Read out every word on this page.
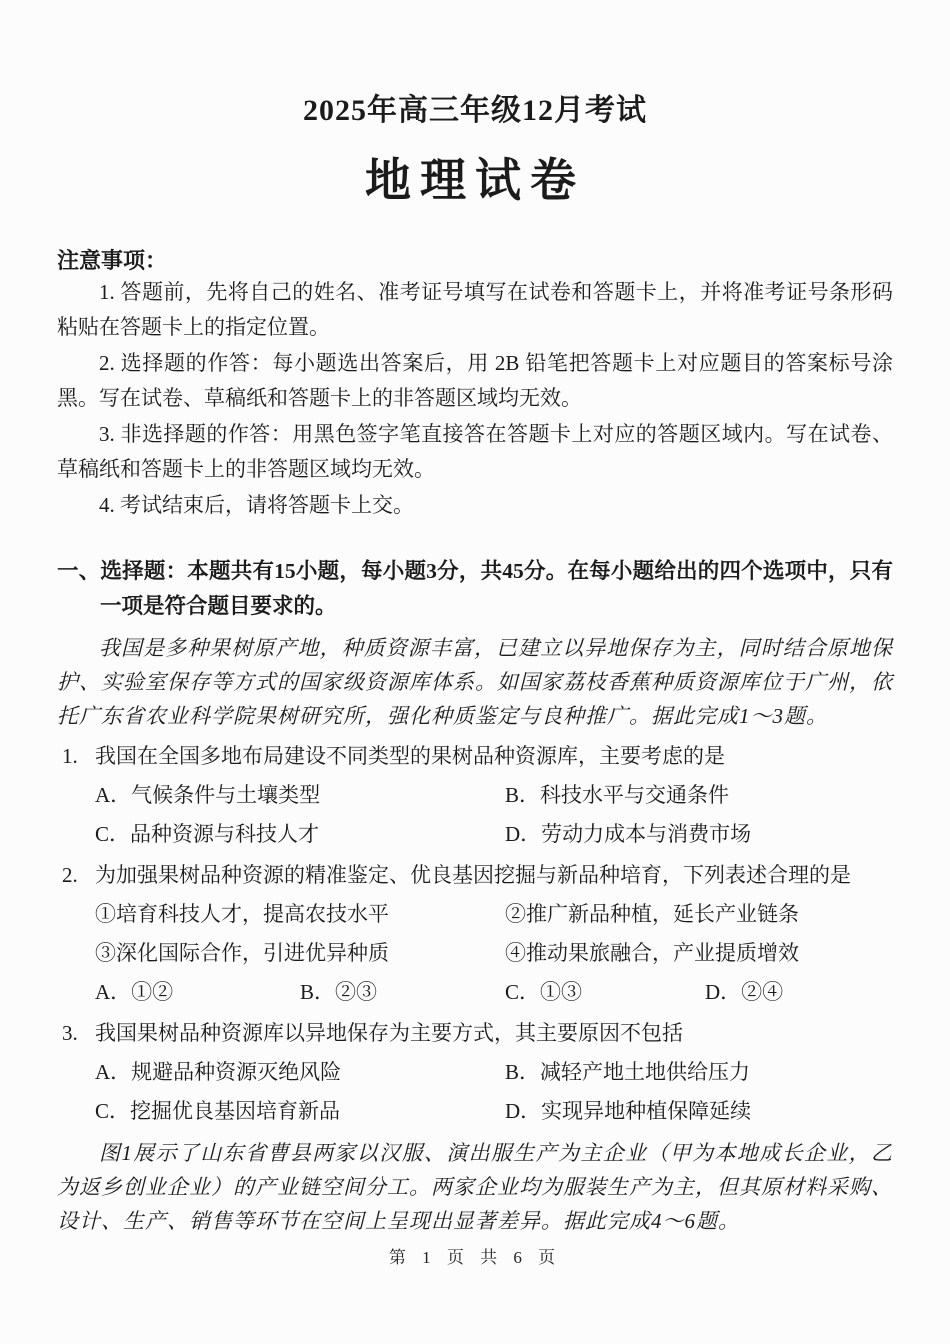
2025年高三年级12月考试
地理试卷

注意事项：

1. 答题前，先将自己的姓名、准考证号填写在试卷和答题卡上，并将准考证号条形码粘贴在答题卡上的指定位置。

2. 选择题的作答：每小题选出答案后，用 2B 铅笔把答题卡上对应题目的答案标号涂黑。写在试卷、草稿纸和答题卡上的非答题区域均无效。

3. 非选择题的作答：用黑色签字笔直接答在答题卡上对应的答题区域内。写在试卷、草稿纸和答题卡上的非答题区域均无效。

4. 考试结束后，请将答题卡上交。

一、选择题：本题共有15小题，每小题3分，共45分。在每小题给出的四个选项中，只有一项是符合题目要求的。

我国是多种果树原产地，种质资源丰富，已建立以异地保存为主，同时结合原地保护、实验室保存等方式的国家级资源库体系。如国家荔枝香蕉种质资源库位于广州，依托广东省农业科学院果树研究所，强化种质鉴定与良种推广。据此完成1～3题。

1. 我国在全国多地布局建设不同类型的果树品种资源库，主要考虑的是

A．气候条件与土壤类型	B．科技水平与交通条件
C．品种资源与科技人才	D．劳动力成本与消费市场
2. 为加强果树品种资源的精准鉴定、优良基因挖掘与新品种培育，下列表述合理的是

①培育科技人才，提高农技水平	②推广新品种植，延长产业链条
③深化国际合作，引进优异种质	④推动果旅融合，产业提质增效
A．①②	B．②③	C．①③	D．②④
3. 我国果树品种资源库以异地保存为主要方式，其主要原因不包括

A．规避品种资源灭绝风险	B．减轻产地土地供给压力
C．挖掘优良基因培育新品	D．实现异地种植保障延续

图1展示了山东省曹县两家以汉服、演出服生产为主企业（甲为本地成长企业，乙为返乡创业企业）的产业链空间分工。两家企业均为服装生产为主，但其原材料采购、设计、生产、销售等环节在空间上呈现出显著差异。据此完成4～6题。

第 1 页 共 6 页
